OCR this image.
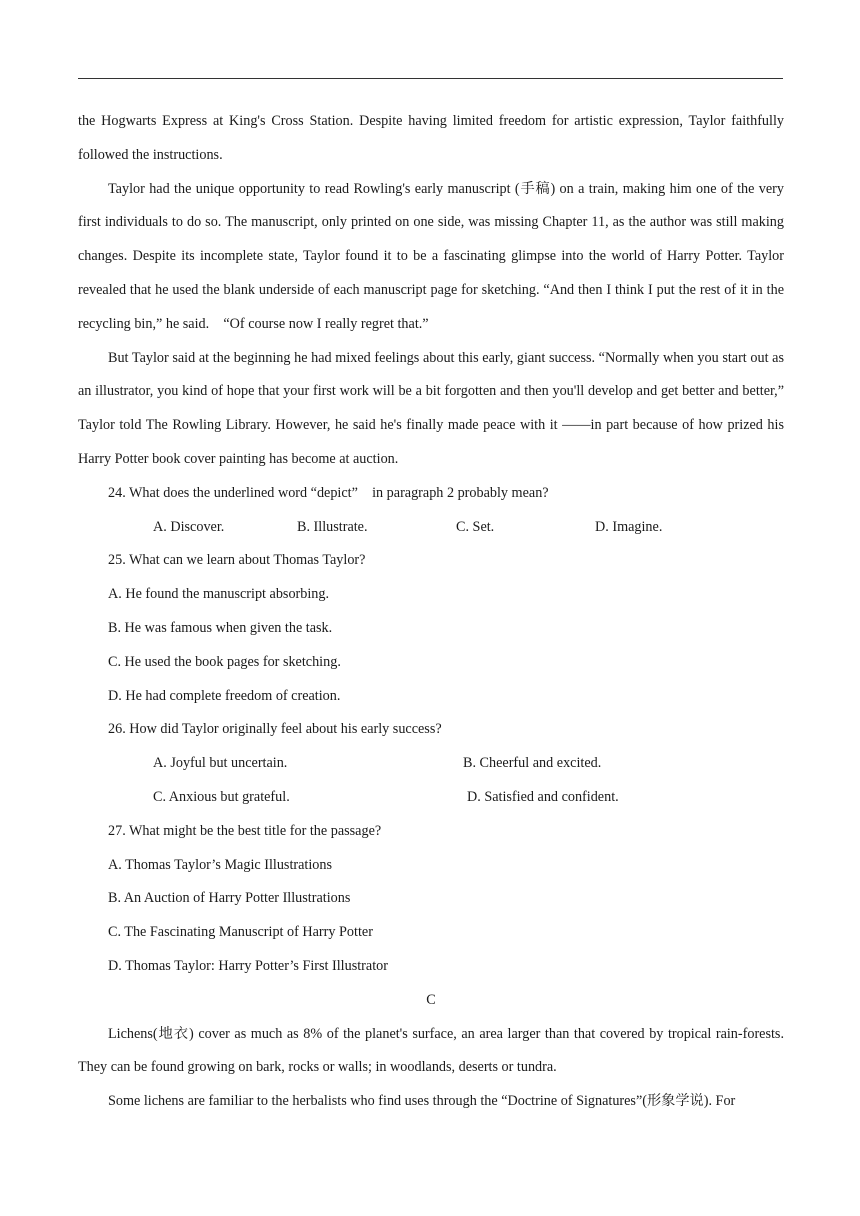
the Hogwarts Express at King's Cross Station. Despite having limited freedom for artistic expression, Taylor faithfully followed the instructions.

Taylor had the unique opportunity to read Rowling's early manuscript (手稿) on a train, making him one of the very first individuals to do so. The manuscript, only printed on one side, was missing Chapter 11, as the author was still making changes. Despite its incomplete state, Taylor found it to be a fascinating glimpse into the world of Harry Potter. Taylor revealed that he used the blank underside of each manuscript page for sketching. “And then I think I put the rest of it in the recycling bin,” he said.　“Of course now I really regret that.”

But Taylor said at the beginning he had mixed feelings about this early, giant success. “Normally when you start out as an illustrator, you kind of hope that your first work will be a bit forgotten and then you'll develop and get better and better,” Taylor told The Rowling Library. However, he said he's finally made peace with it ——in part because of how prized his Harry Potter book cover painting has become at auction.

24. What does the underlined word “depict”　in paragraph 2 probably mean?
A. Discover.	B. Illustrate.	C. Set.	D. Imagine.
25. What can we learn about Thomas Taylor?
A. He found the manuscript absorbing.
B. He was famous when given the task.
C. He used the book pages for sketching.
D. He had complete freedom of creation.
26. How did Taylor originally feel about his early success?
A. Joyful but uncertain.	B. Cheerful and excited.
C. Anxious but grateful.	D. Satisfied and confident.
27. What might be the best title for the passage?
A. Thomas Taylor’s Magic Illustrations
B. An Auction of Harry Potter Illustrations
C. The Fascinating Manuscript of Harry Potter
D. Thomas Taylor: Harry Potter’s First Illustrator
C

Lichens(地衣) cover as much as 8% of the planet's surface, an area larger than that covered by tropical rain-forests. They can be found growing on bark, rocks or walls; in woodlands, deserts or tundra.

Some lichens are familiar to the herbalists who find uses through the “Doctrine of Signatures”(形象学说). For
